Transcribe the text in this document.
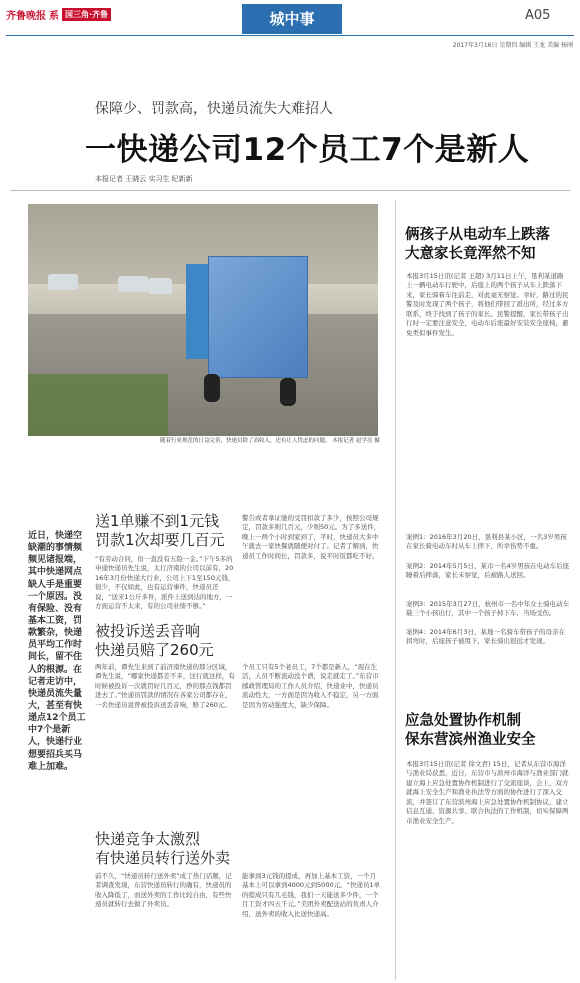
齐鲁晚报 系 国三角·齐鲁	城中事	A05
2017年3月16日 星期四 编辑 王龙 美编 杨刚
保障少、罚款高，快递员流失大难招人
一快递公司12个员工7个是新人
本报记者 王晓云 实习生 纪新新
随着行业规范的日益完善，快递员除了高收入，还有让人忧虑的问题。 本报记者 赵学亮 摄
近日，快递空缺潮的事情频频见诸报端，其中快递网点缺人手是重要一个原因。没有保险、没有基本工资，罚款繁杂，快递员平均工作时间长，留不住人的根源。在记者走访中，快递员流失量大，甚至有快递点12个员工中7个是新人，快递行业想要招兵买马难上加难。
送1单赚不到1元钱
罚款1次却要几百元
“有劳动合同，但一直没有五险一金。”下午5多的申通快递员先生说，太行济南的公司以前有，2016年3月份快递大行业，公司上下1至150元钱，很少，不仅如此，也有运营事件，快递员还说，“送来1公斤多件，派件上送到达的地方，一方面运营不太来，有的公司业绩不够。”
警告或者拿证驰的受罚扣款了多少，按照公司规定，罚款多则几百元，少则50元。为了多送件，晚上一两个小时到家到了，平时，快递员大多中午就去一家快餐就随便对付了。记者了解到，快递员工作时间长，罚款多，说平时饭都吃不好。
被投诉送丢音响
快递员赔了260元
两年前，谭先生来到了前济南快递的那分区域，谭先生说，“哪家快递都差不多，这行就这样，有时候被投诉一次就罚好几百元，挣的那点钱都罚进去了。”快递员罚款的情况在各家公司都存在，一名快递员说曾被投诉送丢音响，赔了260元。
个员工只有5个老员工，7个都是新人，“现在生活，人员不断流动没个谱，说走就走了。”东营市邮政管理局的工作人员介绍，快递业中，快递员流动性大，一方面是因为收入不稳定，另一方面是因为劳动强度大，缺少保障。
快递竞争太激烈
有快递员转行送外卖
前不久，“快递员转行送外卖”成了热门话题，记者调查发现，东营快递员转行的确有，快递员的收入降低了，而送外卖的工作比较自由，有些快递员就转行去做了外卖员。
能拿到3元钱的提成，再加上基本工资，一个月基本上可以拿到4000元到5000元。“快递员1单的提成只有几毛钱，我们一天能送多少件，一个月工资才四五千元。”美团外卖配送站的负责人介绍，送外卖的收入比送快递高。
俩孩子从电动车上跌落
大意家长竟浑然不知
本报3月15日讯(记者 王超) 3月11日上午，垦利某道路上一辆电动车行驶中，后座上的两个孩子从车上跌落下来，家长骑着车往前走，对此毫无察觉。幸好，路过的民警及时发现了两个孩子，将他们带回了派出所，经过多方联系，终于找到了孩子的家长。民警提醒，家长带孩子出行时一定要注意安全，电动车后座最好安装安全座椅，避免类似事件发生。
案例1：2016年3月20日，垦利县某小区，一名3岁男孩在家长骑电动车时从车上摔下，所幸伤势不重。
案例2：2014年5月5日，某市一名4岁男孩在电动车后座睡着后摔落，家长未察觉，后被路人送回。
案例3：2015年3月27日，杭州市一名中年女士骑电动车载三个小孩出行，其中一个孩子掉下车，当场受伤。
案例4：2014年6月3日，某地一名骑车带孩子的母亲在拐弯时，后座孩子被甩下，家长骑出很远才发现。
应急处置协作机制
保东营滨州渔业安全
本报3月15日讯(记者 徐文君) 15日，记者从东营市海洋与渔业局获悉，近日，东营市与滨州市海洋与渔业部门就建立海上应急处置协作机制进行了交流座谈，会上，双方就海上安全生产和渔业执法等方面的协作进行了深入交流，并签订了东营滨州海上应急处置协作机制协议，建立信息互通、资源共享、联合执法的工作机制，切实保障两市渔业安全生产。
